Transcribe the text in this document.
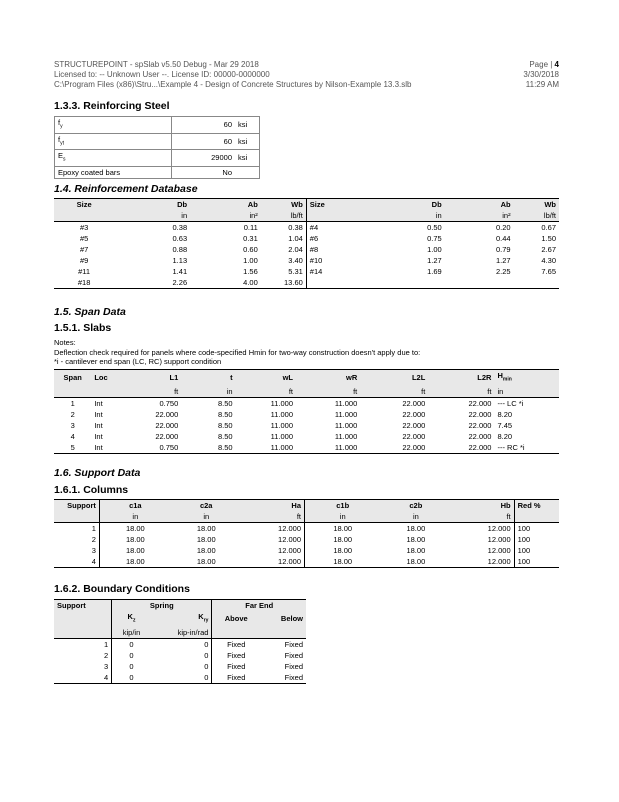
STRUCTUREPOINT - spSlab v5.50 Debug - Mar 29 2018
Licensed to: -- Unknown User --. License ID: 00000-0000000
C:\Program Files (x86)\Stru...\Example 4 - Design of Concrete Structures by Nilson-Example 13.3.slb
Page | 4
3/30/2018
11:29 AM
1.3.3. Reinforcing Steel
$f_y$	60	ksi
$f_{yt}$	60	ksi
$E_s$	29000	ksi
Epoxy coated bars	No	
1.4. Reinforcement Database
Size	Db	Ab	Wb	Size	Db	Ab	Wb
	in	in²	lb/ft		in	in²	lb/ft
#3	0.38	0.11	0.38	#4	0.50	0.20	0.67
#5	0.63	0.31	1.04	#6	0.75	0.44	1.50
#7	0.88	0.60	2.04	#8	1.00	0.79	2.67
#9	1.13	1.00	3.40	#10	1.27	1.27	4.30
#11	1.41	1.56	5.31	#14	1.69	2.25	7.65
#18	2.26	4.00	13.60				
1.5. Span Data
1.5.1. Slabs
Notes:
Deflection check required for panels where code-specified Hmin for two-way construction doesn't apply due to:
*i - cantilever end span (LC, RC) support condition
Span	Loc	L1	t	wL	wR	L2L	L2R	$H_{min}$
		ft	in	ft	ft	ft	ft	in
1	Int	0.750	8.50	11.000	11.000	22.000	22.000	--- LC *i
2	Int	22.000	8.50	11.000	11.000	22.000	22.000	8.20
3	Int	22.000	8.50	11.000	11.000	22.000	22.000	7.45
4	Int	22.000	8.50	11.000	11.000	22.000	22.000	8.20
5	Int	0.750	8.50	11.000	11.000	22.000	22.000	--- RC *i
1.6. Support Data
1.6.1. Columns
Support	c1a	c2a	Ha	c1b	c2b	Hb	Red %
	in	in	ft	in	in	ft	
1	18.00	18.00	12.000	18.00	18.00	12.000	100
2	18.00	18.00	12.000	18.00	18.00	12.000	100
3	18.00	18.00	12.000	18.00	18.00	12.000	100
4	18.00	18.00	12.000	18.00	18.00	12.000	100
1.6.2. Boundary Conditions
Support	Spring		Far End	
	$K_z$	$K_{ry}$	Above	Below
	kip/in	kip-in/rad		
1	0	0	Fixed	Fixed
2	0	0	Fixed	Fixed
3	0	0	Fixed	Fixed
4	0	0	Fixed	Fixed
